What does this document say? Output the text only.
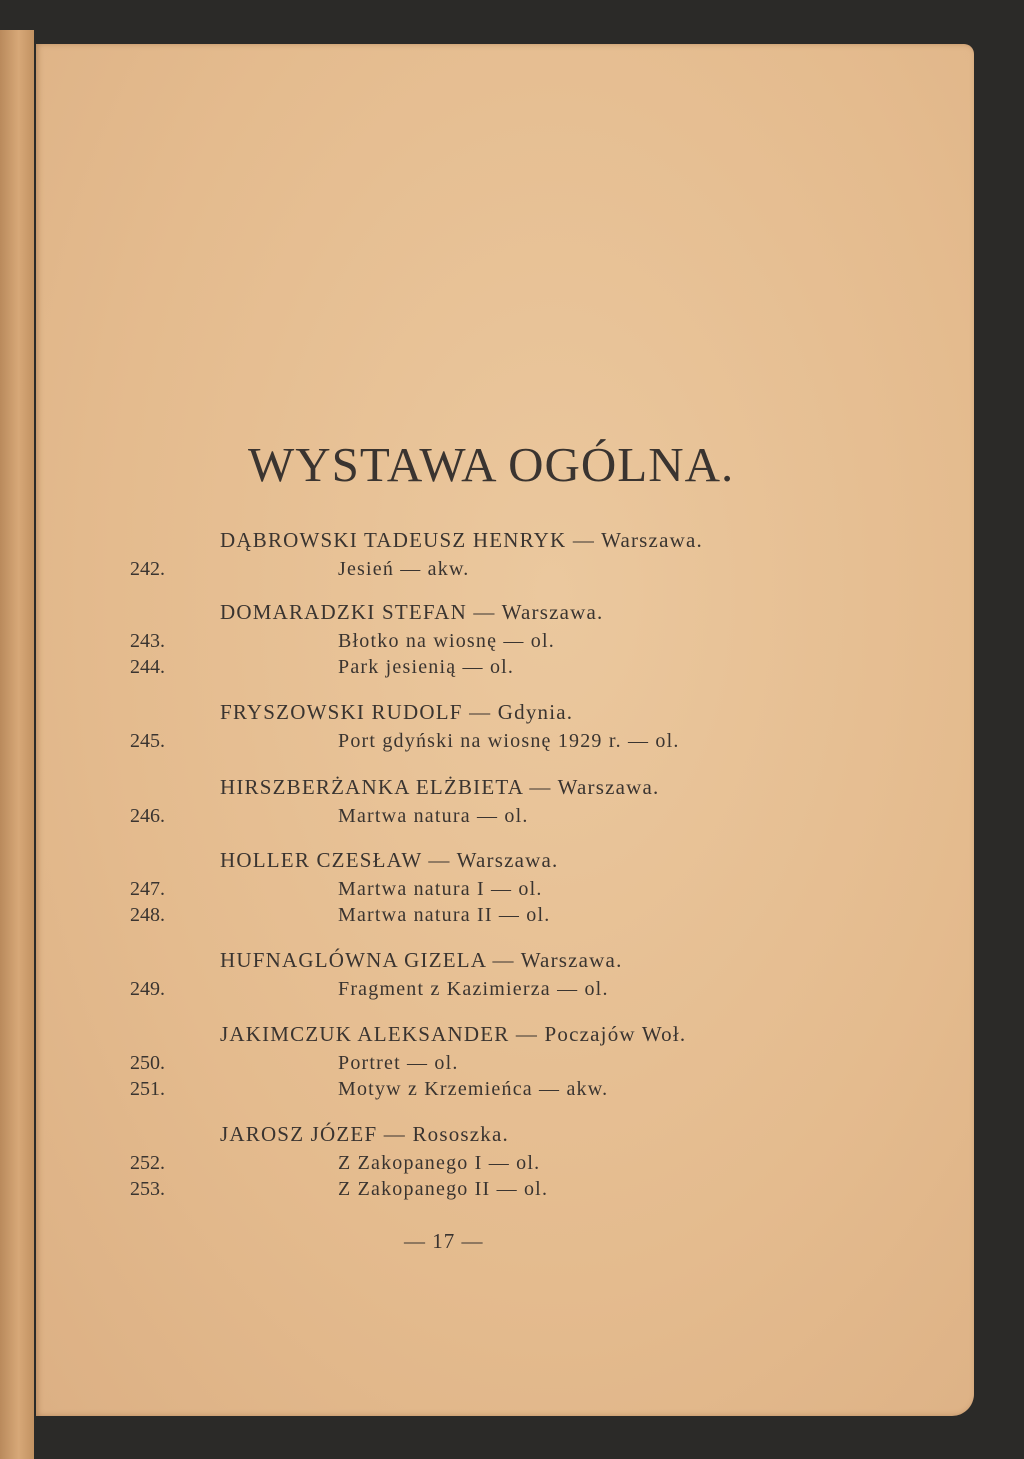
WYSTAWA OGÓLNA.
DĄBROWSKI TADEUSZ HENRYK — Warszawa.
242.	Jesień — akw.
DOMARADZKI STEFAN — Warszawa.
243.	Błotko na wiosnę — ol.
244.	Park jesienią — ol.
FRYSZOWSKI RUDOLF — Gdynia.
245.	Port gdyński na wiosnę 1929 r. — ol.
HIRSZBERŻANKA ELŻBIETA — Warszawa.
246.	Martwa natura — ol.
HOLLER CZESŁAW — Warszawa.
247.	Martwa natura I — ol.
248.	Martwa natura II — ol.
HUFNAGLÓWNA GIZELA — Warszawa.
249.	Fragment z Kazimierza — ol.
JAKIMCZUK ALEKSANDER — Poczajów Woł.
250.	Portret — ol.
251.	Motyw z Krzemieńca — akw.
JAROSZ JÓZEF — Rososzka.
252.	Z Zakopanego I — ol.
253.	Z Zakopanego II — ol.
— 17 —
